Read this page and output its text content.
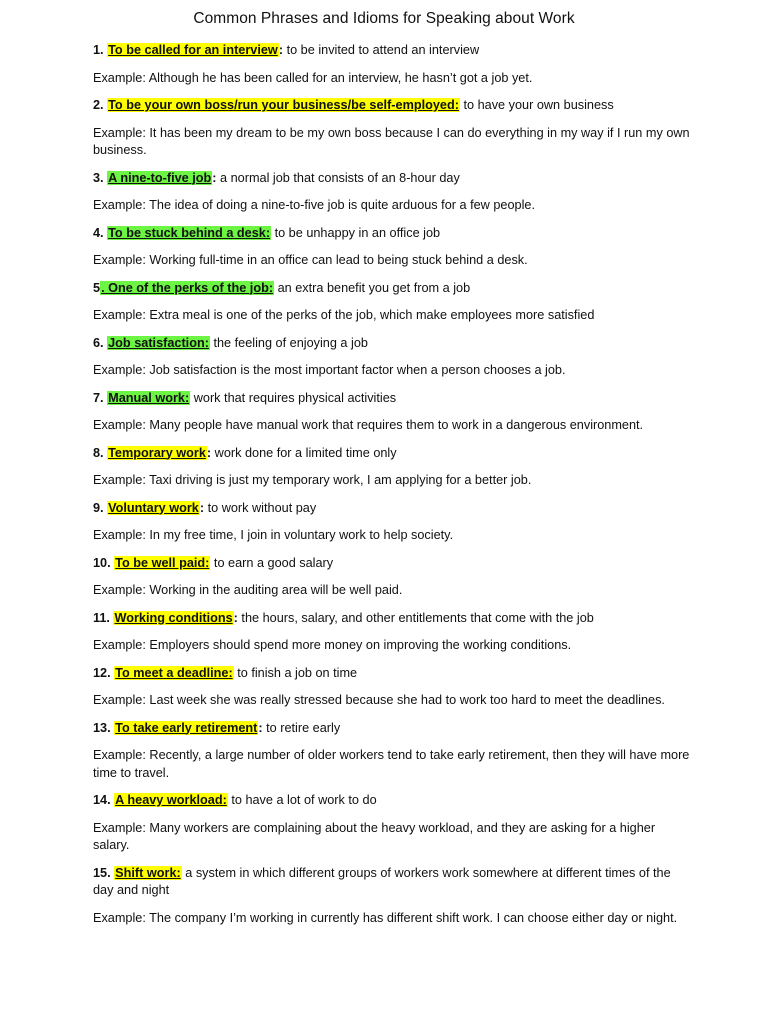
Common Phrases and Idioms for Speaking about Work

1. To be called for an interview: to be invited to attend an interview

Example: Although he has been called for an interview, he hasn’t got a job yet.

2. To be your own boss/run your business/be self-employed: to have your own business

Example: It has been my dream to be my own boss because I can do everything in my way if I run my own business.

3. A nine-to-five job: a normal job that consists of an 8-hour day

Example: The idea of doing a nine-to-five job is quite arduous for a few people.

4. To be stuck behind a desk: to be unhappy in an office job

Example: Working full-time in an office can lead to being stuck behind a desk.

5. One of the perks of the job: an extra benefit you get from a job

Example: Extra meal is one of the perks of the job, which make employees more satisfied

6. Job satisfaction: the feeling of enjoying a job

Example: Job satisfaction is the most important factor when a person chooses a job.

7. Manual work: work that requires physical activities

Example: Many people have manual work that requires them to work in a dangerous environment.

8. Temporary work: work done for a limited time only

Example: Taxi driving is just my temporary work, I am applying for a better job.

9. Voluntary work: to work without pay

Example: In my free time, I join in voluntary work to help society.

10. To be well paid: to earn a good salary

Example: Working in the auditing area will be well paid.

11. Working conditions: the hours, salary, and other entitlements that come with the job

Example: Employers should spend more money on improving the working conditions.

12. To meet a deadline: to finish a job on time

Example: Last week she was really stressed because she had to work too hard to meet the deadlines.

13. To take early retirement: to retire early

Example: Recently, a large number of older workers tend to take early retirement, then they will have more time to travel.

14. A heavy workload: to have a lot of work to do

Example: Many workers are complaining about the heavy workload, and they are asking for a higher salary.

15. Shift work: a system in which different groups of workers work somewhere at different times of the day and night

Example: The company I’m working in currently has different shift work. I can choose either day or night.
